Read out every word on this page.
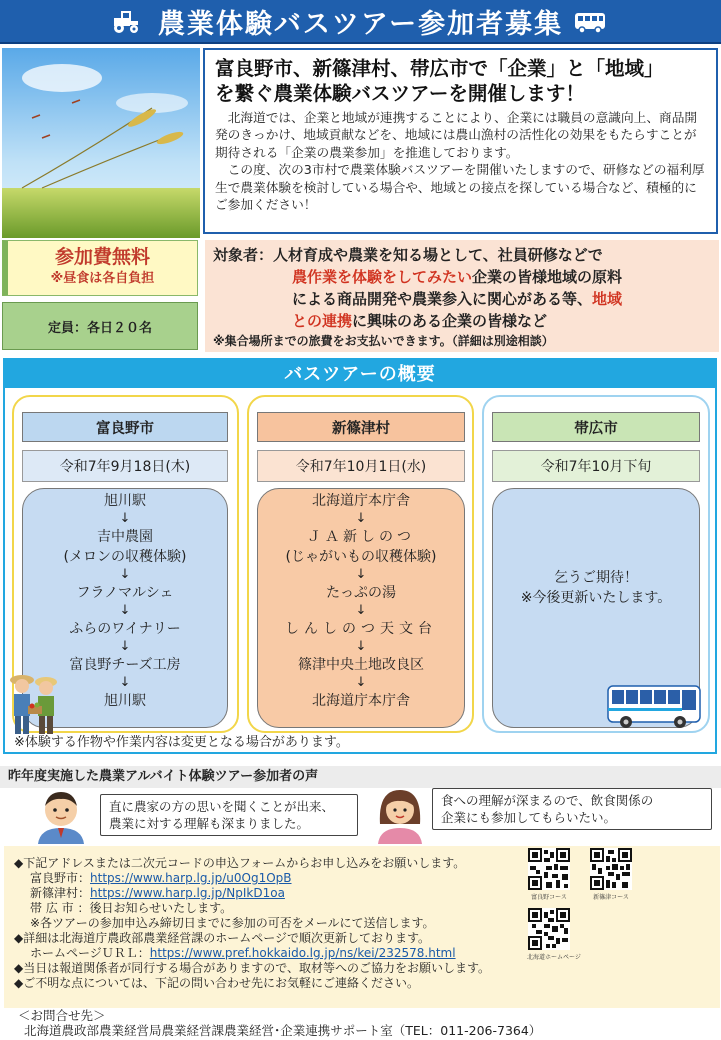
農業体験バスツアー参加者募集
富良野市、新篠津村、帯広市で「企業」と「地域」
を繋ぐ農業体験バスツアーを開催します！
北海道では、企業と地域が連携することにより、企業には職員の意識向上、商品開発のきっかけ、地域貢献などを、地域には農山漁村の活性化の効果をもたらすことが期待される「企業の農業参加」を推進しております。
この度、次の3市村で農業体験バスツアーを開催いたしますので、研修などの福利厚生で農業体験を検討している場合や、地域との接点を探している場合など、積極的にご参加ください！
参加費無料
※昼食は各自負担
定員：各日２０名
対象者：人材育成や農業を知る場として、社員研修などで
農作業を体験をしてみたい企業の皆様地域の原料
による商品開発や農業参入に関心がある等、地域
との連携に興味のある企業の皆様など
※集合場所までの旅費をお支払いできます。（詳細は別途相談）
バスツアーの概要
富良野市
令和7年9月18日(木)
旭川駅
↓
吉中農園
(メロンの収穫体験)
↓
フラノマルシェ
↓
ふらのワイナリー
↓
富良野チーズ工房
↓
旭川駅
新篠津村
令和7年10月1日(水)
北海道庁本庁舎
↓
ＪＡ新しのつ
(じゃがいもの収穫体験)
↓
たっぷの湯
↓
しんしのつ天文台
↓
篠津中央土地改良区
↓
北海道庁本庁舎
帯広市
令和7年10月下旬
乞うご期待！
※今後更新いたします。
※体験する作物や作業内容は変更となる場合があります。
昨年度実施した農業アルバイト体験ツアー参加者の声
直に農家の方の思いを聞くことが出来、
農業に対する理解も深まりました。
食への理解が深まるので、飲食関係の
企業にも参加してもらいたい。
◆下記アドレスまたは二次元コードの申込フォームからお申し込みをお願いします。
富良野市：https://www.harp.lg.jp/u0Og1OpB
新篠津村：https://www.harp.lg.jp/NpIkD1oa
帯 広 市 ：後日お知らせいたします。
※各ツアーの参加申込み締切日までに参加の可否をメールにて送信します。
◆詳細は北海道庁農政部農業経営課のホームページで順次更新しております。
ホームページＵＲＬ：https://www.pref.hokkaido.lg.jp/ns/kei/232578.html
◆当日は報道関係者が同行する場合がありますので、取材等へのご協力をお願いします。
◆ご不明な点については、下記の問い合わせ先にお気軽にご連絡ください。
富良野コース	新篠津コース
北海道ホームページ
＜お問合せ先＞
北海道農政部農業経営局農業経営課農業経営･企業連携サポート室（TEL：011-206-7364）
